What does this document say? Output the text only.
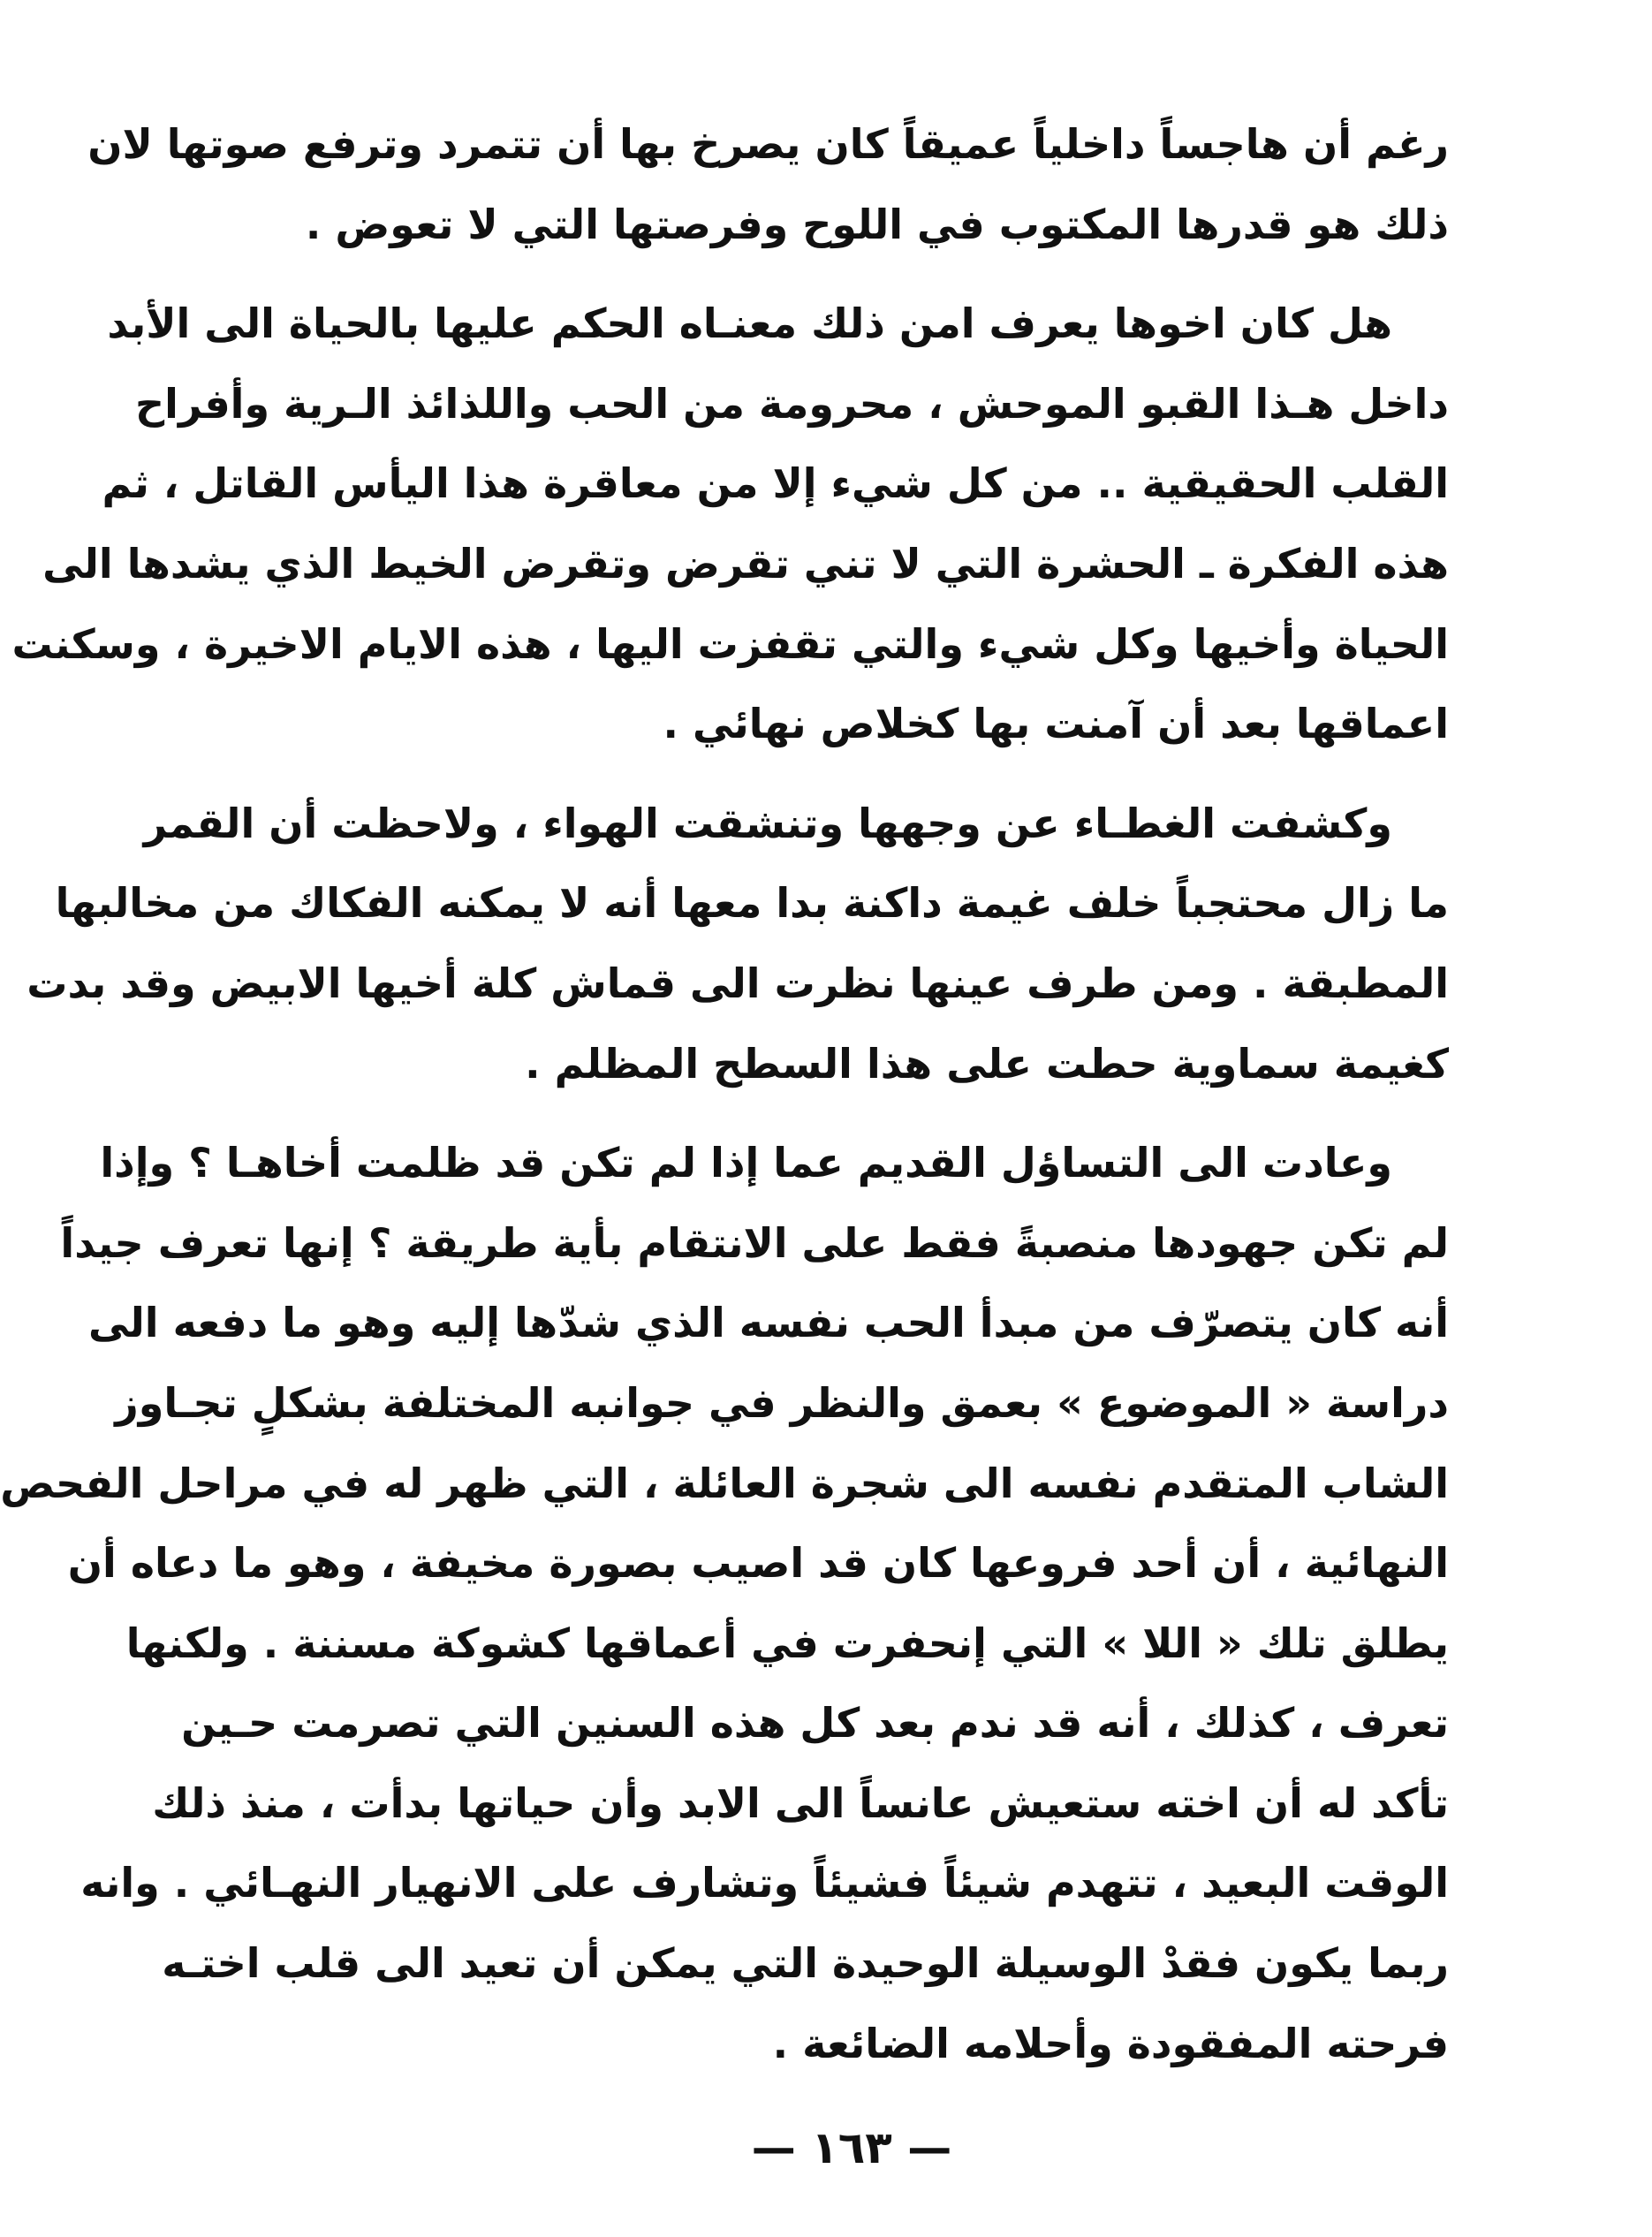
رغم أن هاجساً داخلياً عميقاً كان يصرخ بها أن تتمرد وترفع صوتها لان
ذلك هو قدرها المكتوب في اللوح وفرصتها التي لا تعوض .
هل كان اخوها يعرف امن ذلك معنـاه الحكم عليها بالحياة الى الأبد
داخل هـذا القبو الموحش ، محرومة من الحب واللذائذ الـرية وأفراح
القلب الحقيقية .. من كل شيء إلا من معاقرة هذا اليأس القاتل ، ثم
هذه الفكرة ـ الحشرة التي لا تني تقرض وتقرض الخيط الذي يشدها الى
الحياة وأخيها وكل شيء والتي تقفزت اليها ، هذه الايام الاخيرة ، وسكنت
اعماقها بعد أن آمنت بها كخلاص نهائي .
وكشفت الغطـاء عن وجهها وتنشقت الهواء ، ولاحظت أن القمر
ما زال محتجباً خلف غيمة داكنة بدا معها أنه لا يمكنه الفكاك من مخالبها
المطبقة . ومن طرف عينها نظرت الى قماش كلة أخيها الابيض وقد بدت
كغيمة سماوية حطت على هذا السطح المظلم .
وعادت الى التساؤل القديم عما إذا لم تكن قد ظلمت أخاهـا ؟ وإذا
لم تكن جهودها منصبةً فقط على الانتقام بأية طريقة ؟ إنها تعرف جيداً
أنه كان يتصرّف من مبدأ الحب نفسه الذي شدّها إليه وهو ما دفعه الى
دراسة « الموضوع » بعمق والنظر في جوانبه المختلفة بشكلٍ تجـاوز
الشاب المتقدم نفسه الى شجرة العائلة ، التي ظهر له في مراحل الفحص
النهائية ، أن أحد فروعها كان قد اصيب بصورة مخيفة ، وهو ما دعاه أن
يطلق تلك « اللا » التي إنحفرت في أعماقها كشوكة مسننة . ولكنها
تعرف ، كذلك ، أنه قد ندم بعد كل هذه السنين التي تصرمت حـين
تأكد له أن اخته ستعيش عانساً الى الابد وأن حياتها بدأت ، منذ ذلك
الوقت البعيد ، تتهدم شيئاً فشيئاً وتشارف على الانهيار النهـائي . وانه
ربما يكون فقدْ الوسيلة الوحيدة التي يمكن أن تعيد الى قلب اختـه
فرحته المفقودة وأحلامه الضائعة .
— ١٦٣ —
